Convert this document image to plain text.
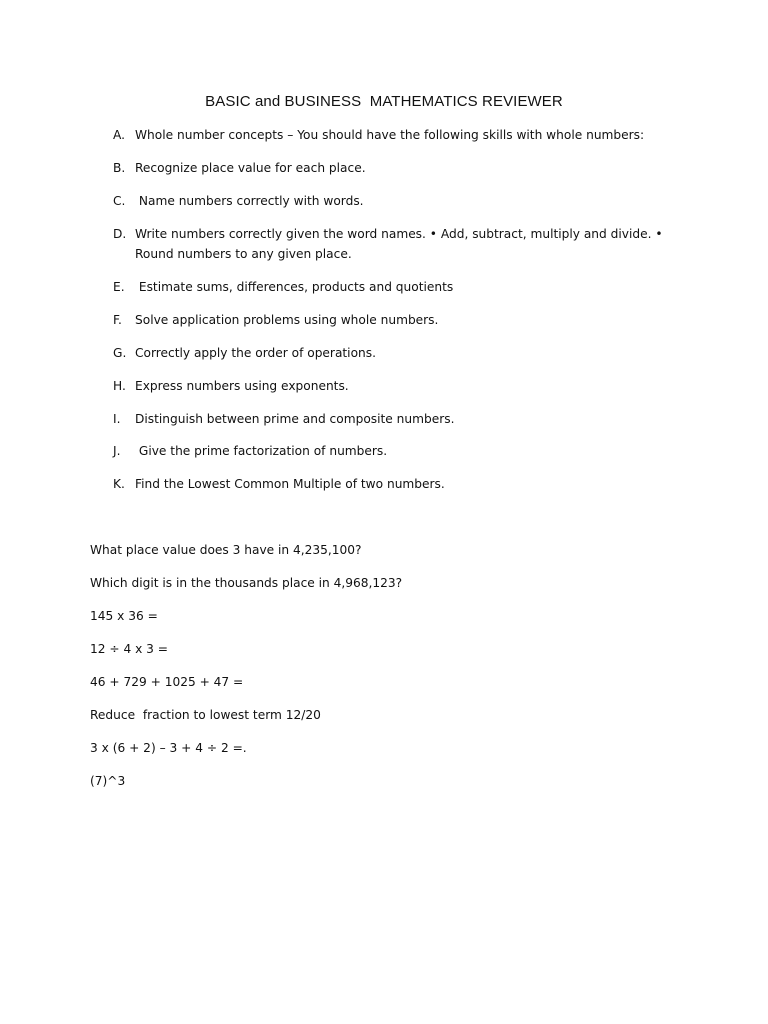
BASIC and BUSINESS  MATHEMATICS REVIEWER
A. Whole number concepts – You should have the following skills with whole numbers:
B. Recognize place value for each place.
C. Name numbers correctly with words.
D. Write numbers correctly given the word names. • Add, subtract, multiply and divide. • Round numbers to any given place.
E. Estimate sums, differences, products and quotients
F.	Solve application problems using whole numbers.
G. Correctly apply the order of operations.
H. Express numbers using exponents.
I.	Distinguish between prime and composite numbers.
J.	Give the prime factorization of numbers.
K. Find the Lowest Common Multiple of two numbers.
What place value does 3 have in 4,235,100?
Which digit is in the thousands place in 4,968,123?
145 x 36 =
12 ÷ 4 x 3 =
46 + 729 + 1025 + 47 =
Reduce  fraction to lowest term 12/20
3 x (6 + 2) – 3 + 4 ÷ 2 =.
(7)^3
